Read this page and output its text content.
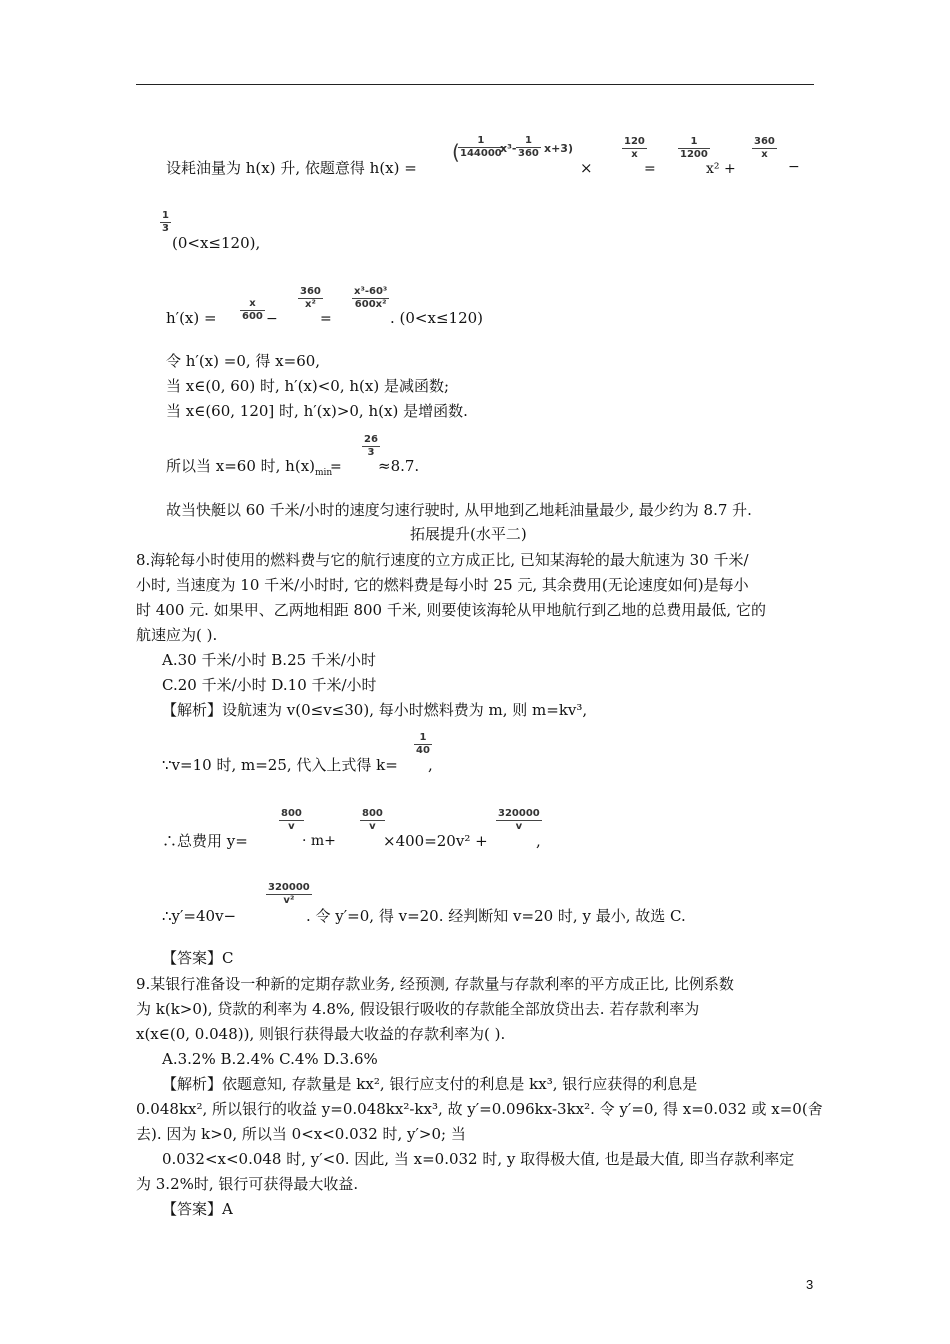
设耗油量为 h(x) 升, 依题意得 h(x) =
(	1
144000
x³-
1
360 x+3)
×
120
x
=
1
1200
x² +
360
x
−
1
3
(0<x≤120),
h′(x) =
x
600 −
360
x²
=
x³-60³
600x²
. (0<x≤120)
令 h′(x) =0, 得 x=60,
当 x∈(0, 60) 时, h′(x)<0, h(x) 是减函数;
当 x∈(60, 120] 时, h′(x)>0, h(x) 是增函数.
所以当 x=60 时, $h(x)_{min}$
=
26
3
≈8.7.
故当快艇以 60 千米/小时的速度匀速行驶时, 从甲地到乙地耗油量最少, 最少约为 8.7 升.
拓展提升(水平二)
8.海轮每小时使用的燃料费与它的航行速度的立方成正比, 已知某海轮的最大航速为 30 千米/
小时, 当速度为 10 千米/小时时, 它的燃料费是每小时 25 元, 其余费用(无论速度如何)是每小
时 400 元. 如果甲、乙两地相距 800 千米, 则要使该海轮从甲地航行到乙地的总费用最低, 它的
航速应为( ).
A.30 千米/小时 B.25 千米/小时
C.20 千米/小时 D.10 千米/小时
【解析】设航速为 v(0≤v≤30), 每小时燃料费为 m, 则 m=kv³,
∵v=10 时, m=25, 代入上式得 k=
1
40
,
∴总费用 y=
800
v
· m+
800
v
×400=20v² +
320000
v
,
∴y′=40v−
320000
v²
. 令 y′=0, 得 v=20. 经判断知 v=20 时, y 最小, 故选 C.
【答案】C
9.某银行准备设一种新的定期存款业务, 经预测, 存款量与存款利率的平方成正比, 比例系数
为 k(k>0), 贷款的利率为 4.8%, 假设银行吸收的存款能全部放贷出去. 若存款利率为
x(x∈(0, 0.048)), 则银行获得最大收益的存款利率为( ).
A.3.2% B.2.4% C.4% D.3.6%
【解析】依题意知, 存款量是 kx², 银行应支付的利息是 kx³, 银行应获得的利息是
0.048kx², 所以银行的收益 y=0.048kx²-kx³, 故 y′=0.096kx-3kx². 令 y′=0, 得 x=0.032 或 x=0(舍
去). 因为 k>0, 所以当 0<x<0.032 时, y′>0; 当
0.032<x<0.048 时, y′<0. 因此, 当 x=0.032 时, y 取得极大值, 也是最大值, 即当存款利率定
为 3.2%时, 银行可获得最大收益.
【答案】A
3
